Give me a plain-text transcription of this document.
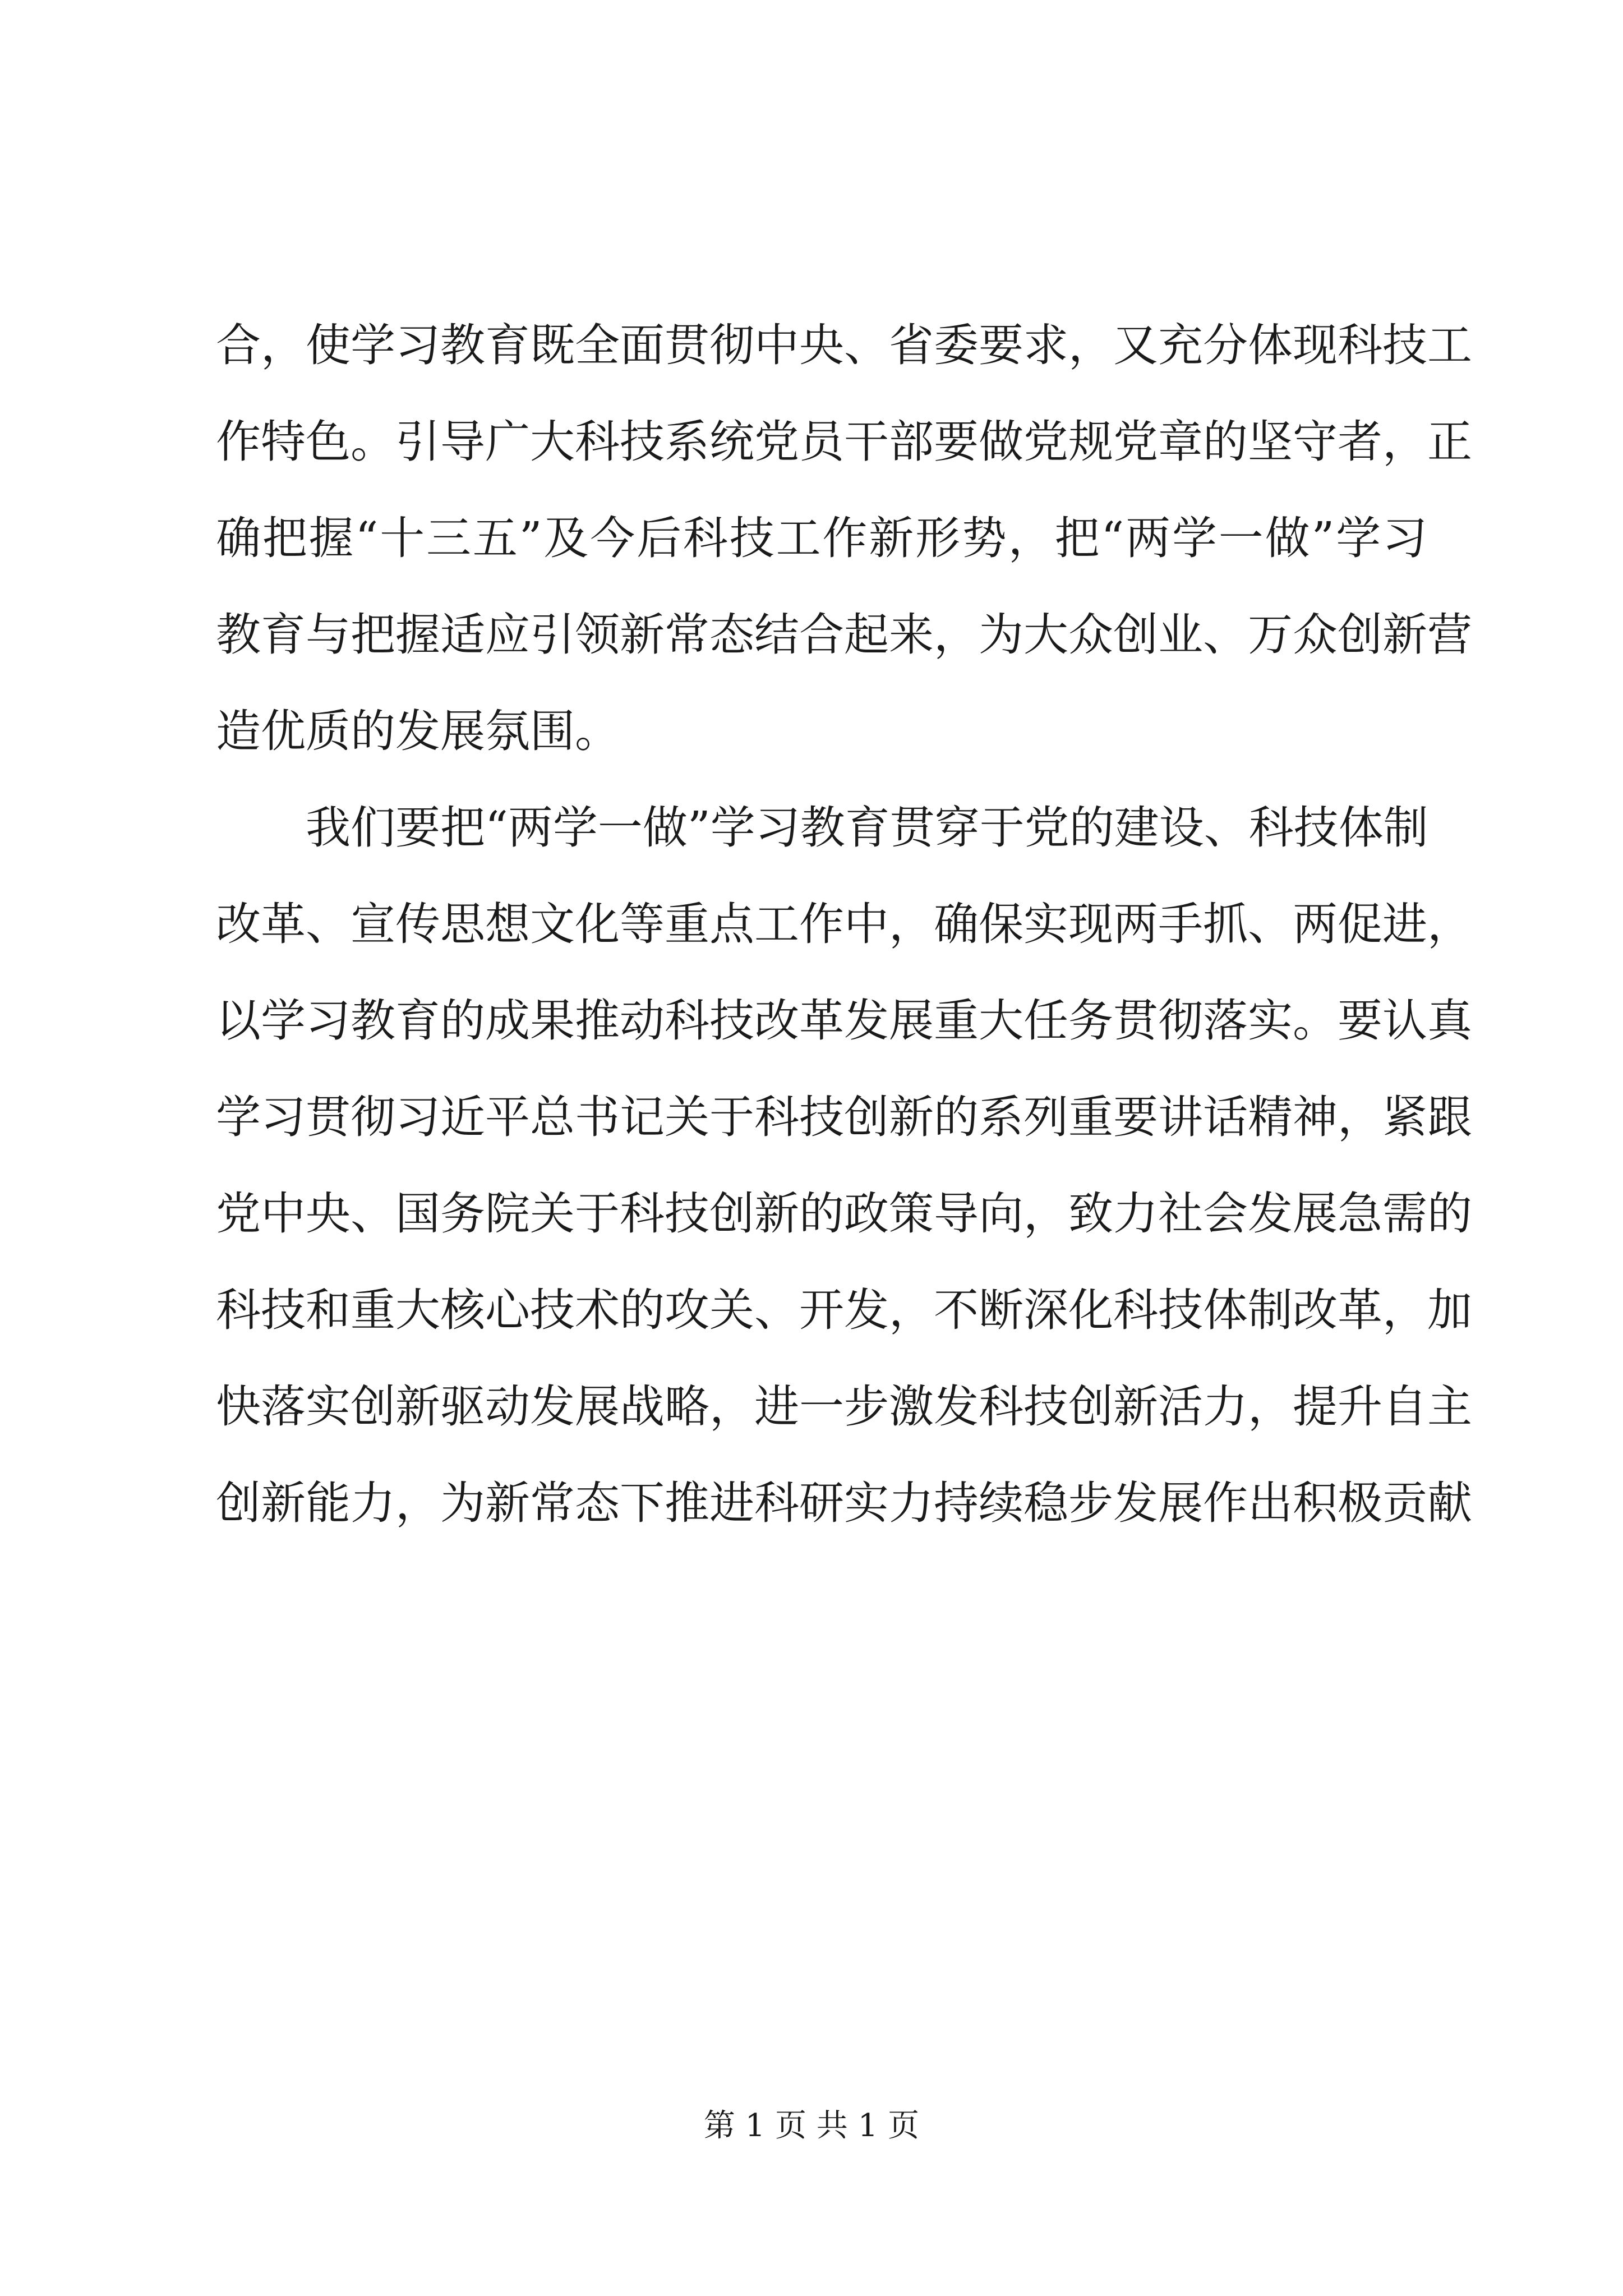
合，使学习教育既全面贯彻中央、省委要求，又充分体现科技工
作特色。引导广大科技系统党员干部要做党规党章的坚守者，正
确把握“十三五”及今后科技工作新形势，把“两学一做”学习
教育与把握适应引领新常态结合起来，为大众创业、万众创新营
造优质的发展氛围。
我们要把“两学一做”学习教育贯穿于党的建设、科技体制
改革、宣传思想文化等重点工作中，确保实现两手抓、两促进，
以学习教育的成果推动科技改革发展重大任务贯彻落实。要认真
学习贯彻习近平总书记关于科技创新的系列重要讲话精神，紧跟
党中央、国务院关于科技创新的政策导向，致力社会发展急需的
科技和重大核心技术的攻关、开发，不断深化科技体制改革，加
快落实创新驱动发展战略，进一步激发科技创新活力，提升自主
创新能力，为新常态下推进科研实力持续稳步发展作出积极贡献
第 1 页 共 1 页
